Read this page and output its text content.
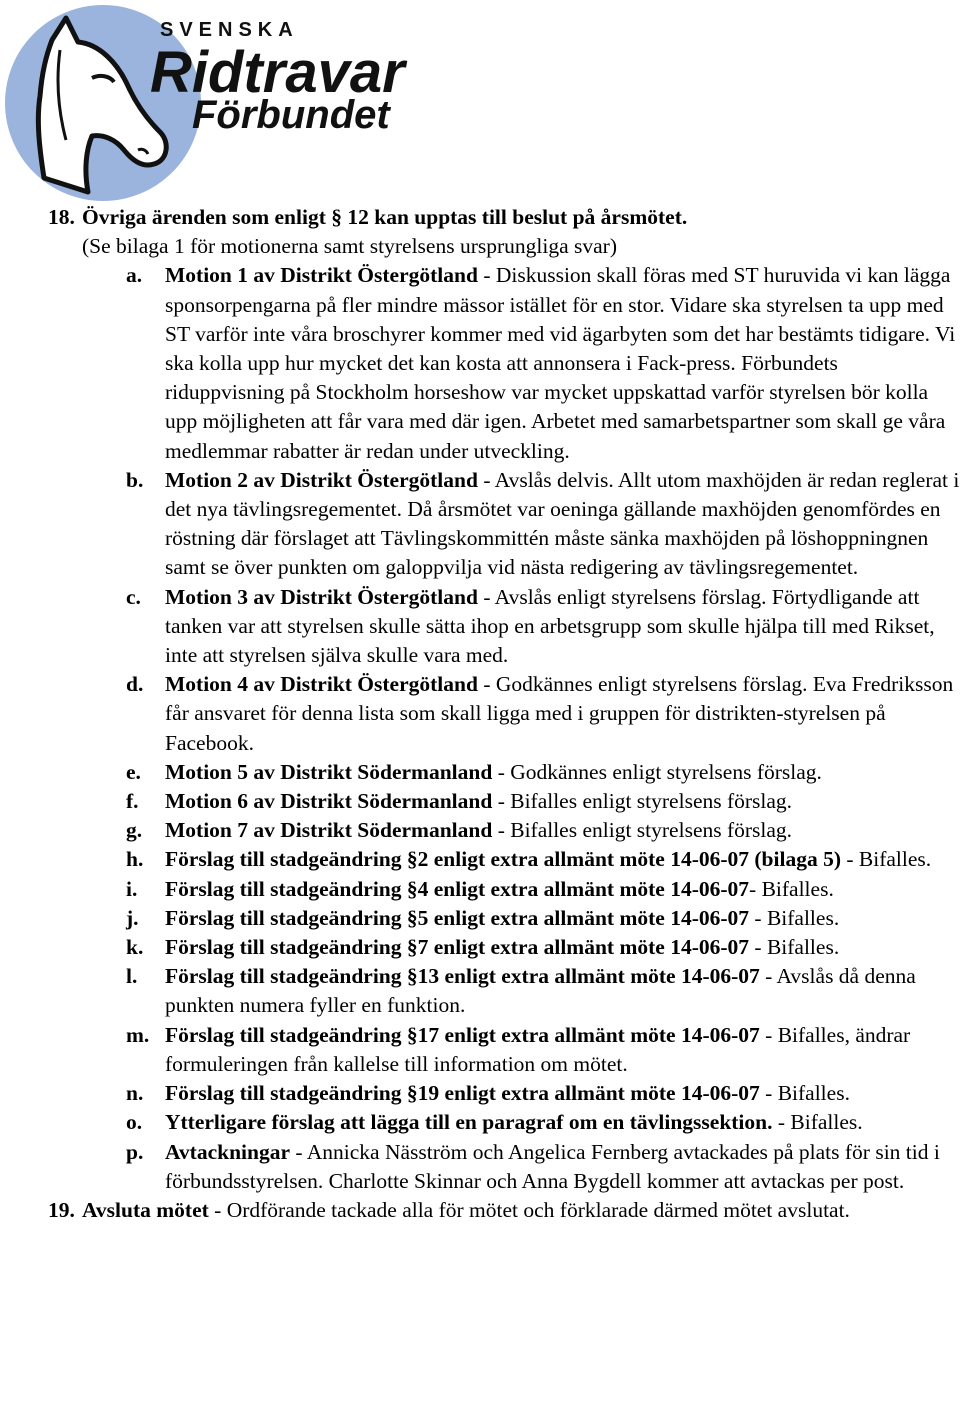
SVENSKA
Ridtravar
Förbundet
18. Övriga ärenden som enligt § 12 kan upptas till beslut på årsmötet.
(Se bilaga 1 för motionerna samt styrelsens ursprungliga svar)
a.	Motion 1 av Distrikt Östergötland - Diskussion skall föras med ST huruvida vi kan lägga sponsorpengarna på fler mindre mässor istället för en stor. Vidare ska styrelsen ta upp med ST varför inte våra broschyrer kommer med vid ägarbyten som det har bestämts tidigare. Vi ska kolla upp hur mycket det kan kosta att annonsera i Fack-press. Förbundets riduppvisning på Stockholm horseshow var mycket uppskattad varför styrelsen bör kolla upp möjligheten att får vara med där igen. Arbetet med samarbetspartner som skall ge våra medlemmar rabatter är redan under utveckling.
b.	Motion 2 av Distrikt Östergötland - Avslås delvis. Allt utom maxhöjden är redan reglerat i det nya tävlingsregementet. Då årsmötet var oeninga gällande maxhöjden genomfördes en röstning där förslaget att Tävlingskommittén måste sänka maxhöjden på löshoppningnen samt se över punkten om galoppvilja vid nästa redigering av tävlingsregementet.
c.	Motion 3 av Distrikt Östergötland - Avslås enligt styrelsens förslag. Förtydligande att tanken var att styrelsen skulle sätta ihop en arbetsgrupp som skulle hjälpa till med Rikset, inte att styrelsen själva skulle vara med.
d.	Motion 4 av Distrikt Östergötland - Godkännes enligt styrelsens förslag. Eva Fredriksson får ansvaret för denna lista som skall ligga med i gruppen för distrikten-styrelsen på Facebook.
e.	Motion 5 av Distrikt Södermanland - Godkännes enligt styrelsens förslag.
f.	Motion 6 av Distrikt Södermanland - Bifalles enligt styrelsens förslag.
g.	Motion 7 av Distrikt Södermanland - Bifalles enligt styrelsens förslag.
h.	Förslag till stadgeändring §2 enligt extra allmänt möte 14-06-07 (bilaga 5) - Bifalles.
i.	Förslag till stadgeändring §4 enligt extra allmänt möte 14-06-07- Bifalles.
j.	Förslag till stadgeändring §5 enligt extra allmänt möte 14-06-07 - Bifalles.
k.	Förslag till stadgeändring §7 enligt extra allmänt möte 14-06-07 - Bifalles.
l.	Förslag till stadgeändring §13 enligt extra allmänt möte 14-06-07 - Avslås då denna punkten numera fyller en funktion.
m. Förslag till stadgeändring §17 enligt extra allmänt möte 14-06-07 - Bifalles, ändrar formuleringen från kallelse till information om mötet.
n.	Förslag till stadgeändring §19 enligt extra allmänt möte 14-06-07 - Bifalles.
o.	Ytterligare förslag att lägga till en paragraf om en tävlingssektion. - Bifalles.
p.	Avtackningar - Annicka Näsström och Angelica Fernberg avtackades på plats för sin tid i förbundsstyrelsen. Charlotte Skinnar och Anna Bygdell kommer att avtackas per post.
19. Avsluta mötet - Ordförande tackade alla för mötet och förklarade därmed mötet avslutat.
